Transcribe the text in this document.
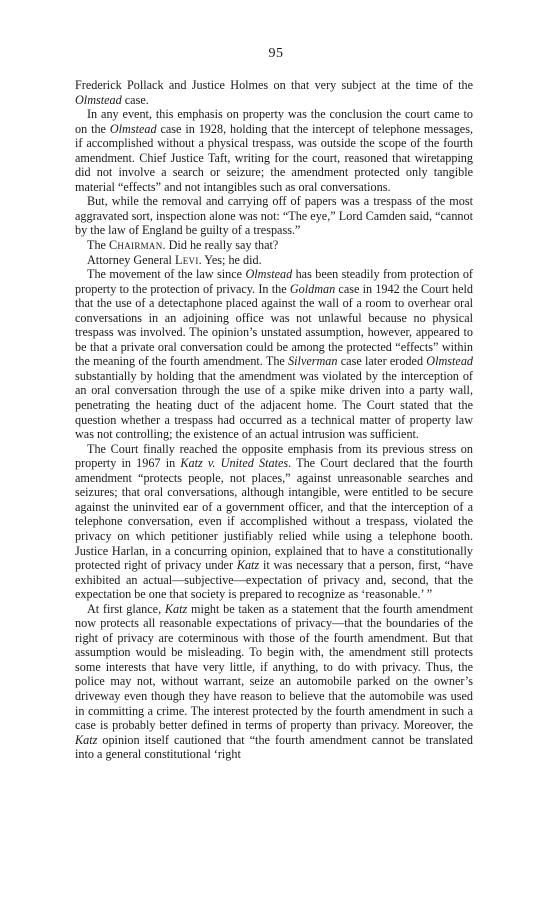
95

Frederick Pollack and Justice Holmes on that very subject at the time of the Olmstead case.

In any event, this emphasis on property was the conclusion the court came to on the Olmstead case in 1928, holding that the intercept of telephone messages, if accomplished without a physical trespass, was outside the scope of the fourth amendment. Chief Justice Taft, writing for the court, reasoned that wiretapping did not involve a search or seizure; the amendment protected only tangible material “effects” and not intangibles such as oral conversations.

But, while the removal and carrying off of papers was a trespass of the most aggravated sort, inspection alone was not: “The eye,” Lord Camden said, “cannot by the law of England be guilty of a trespass.”

The Chairman. Did he really say that?

Attorney General Levi. Yes; he did.

The movement of the law since Olmstead has been steadily from protection of property to the protection of privacy. In the Goldman case in 1942 the Court held that the use of a detectaphone placed against the wall of a room to overhear oral conversations in an adjoining office was not unlawful because no physical trespass was involved. The opinion’s unstated assumption, however, appeared to be that a private oral conversation could be among the protected “effects” within the meaning of the fourth amendment. The Silverman case later eroded Olmstead substantially by holding that the amendment was violated by the interception of an oral conversation through the use of a spike mike driven into a party wall, penetrating the heating duct of the adjacent home. The Court stated that the question whether a trespass had occurred as a technical matter of property law was not controlling; the existence of an actual intrusion was sufficient.

The Court finally reached the opposite emphasis from its previous stress on property in 1967 in Katz v. United States. The Court declared that the fourth amendment “protects people, not places,” against unreasonable searches and seizures; that oral conversations, although intangible, were entitled to be secure against the uninvited ear of a government officer, and that the interception of a telephone conversation, even if accomplished without a trespass, violated the privacy on which petitioner justifiably relied while using a telephone booth. Justice Harlan, in a concurring opinion, explained that to have a constitutionally protected right of privacy under Katz it was necessary that a person, first, “have exhibited an actual—subjective—expectation of privacy and, second, that the expectation be one that society is prepared to recognize as ‘reasonable.’ ”

At first glance, Katz might be taken as a statement that the fourth amendment now protects all reasonable expectations of privacy—that the boundaries of the right of privacy are coterminous with those of the fourth amendment. But that assumption would be misleading. To begin with, the amendment still protects some interests that have very little, if anything, to do with privacy. Thus, the police may not, without warrant, seize an automobile parked on the owner’s driveway even though they have reason to believe that the automobile was used in committing a crime. The interest protected by the fourth amendment in such a case is probably better defined in terms of property than privacy. Moreover, the Katz opinion itself cautioned that “the fourth amendment cannot be translated into a general constitutional ‘right
